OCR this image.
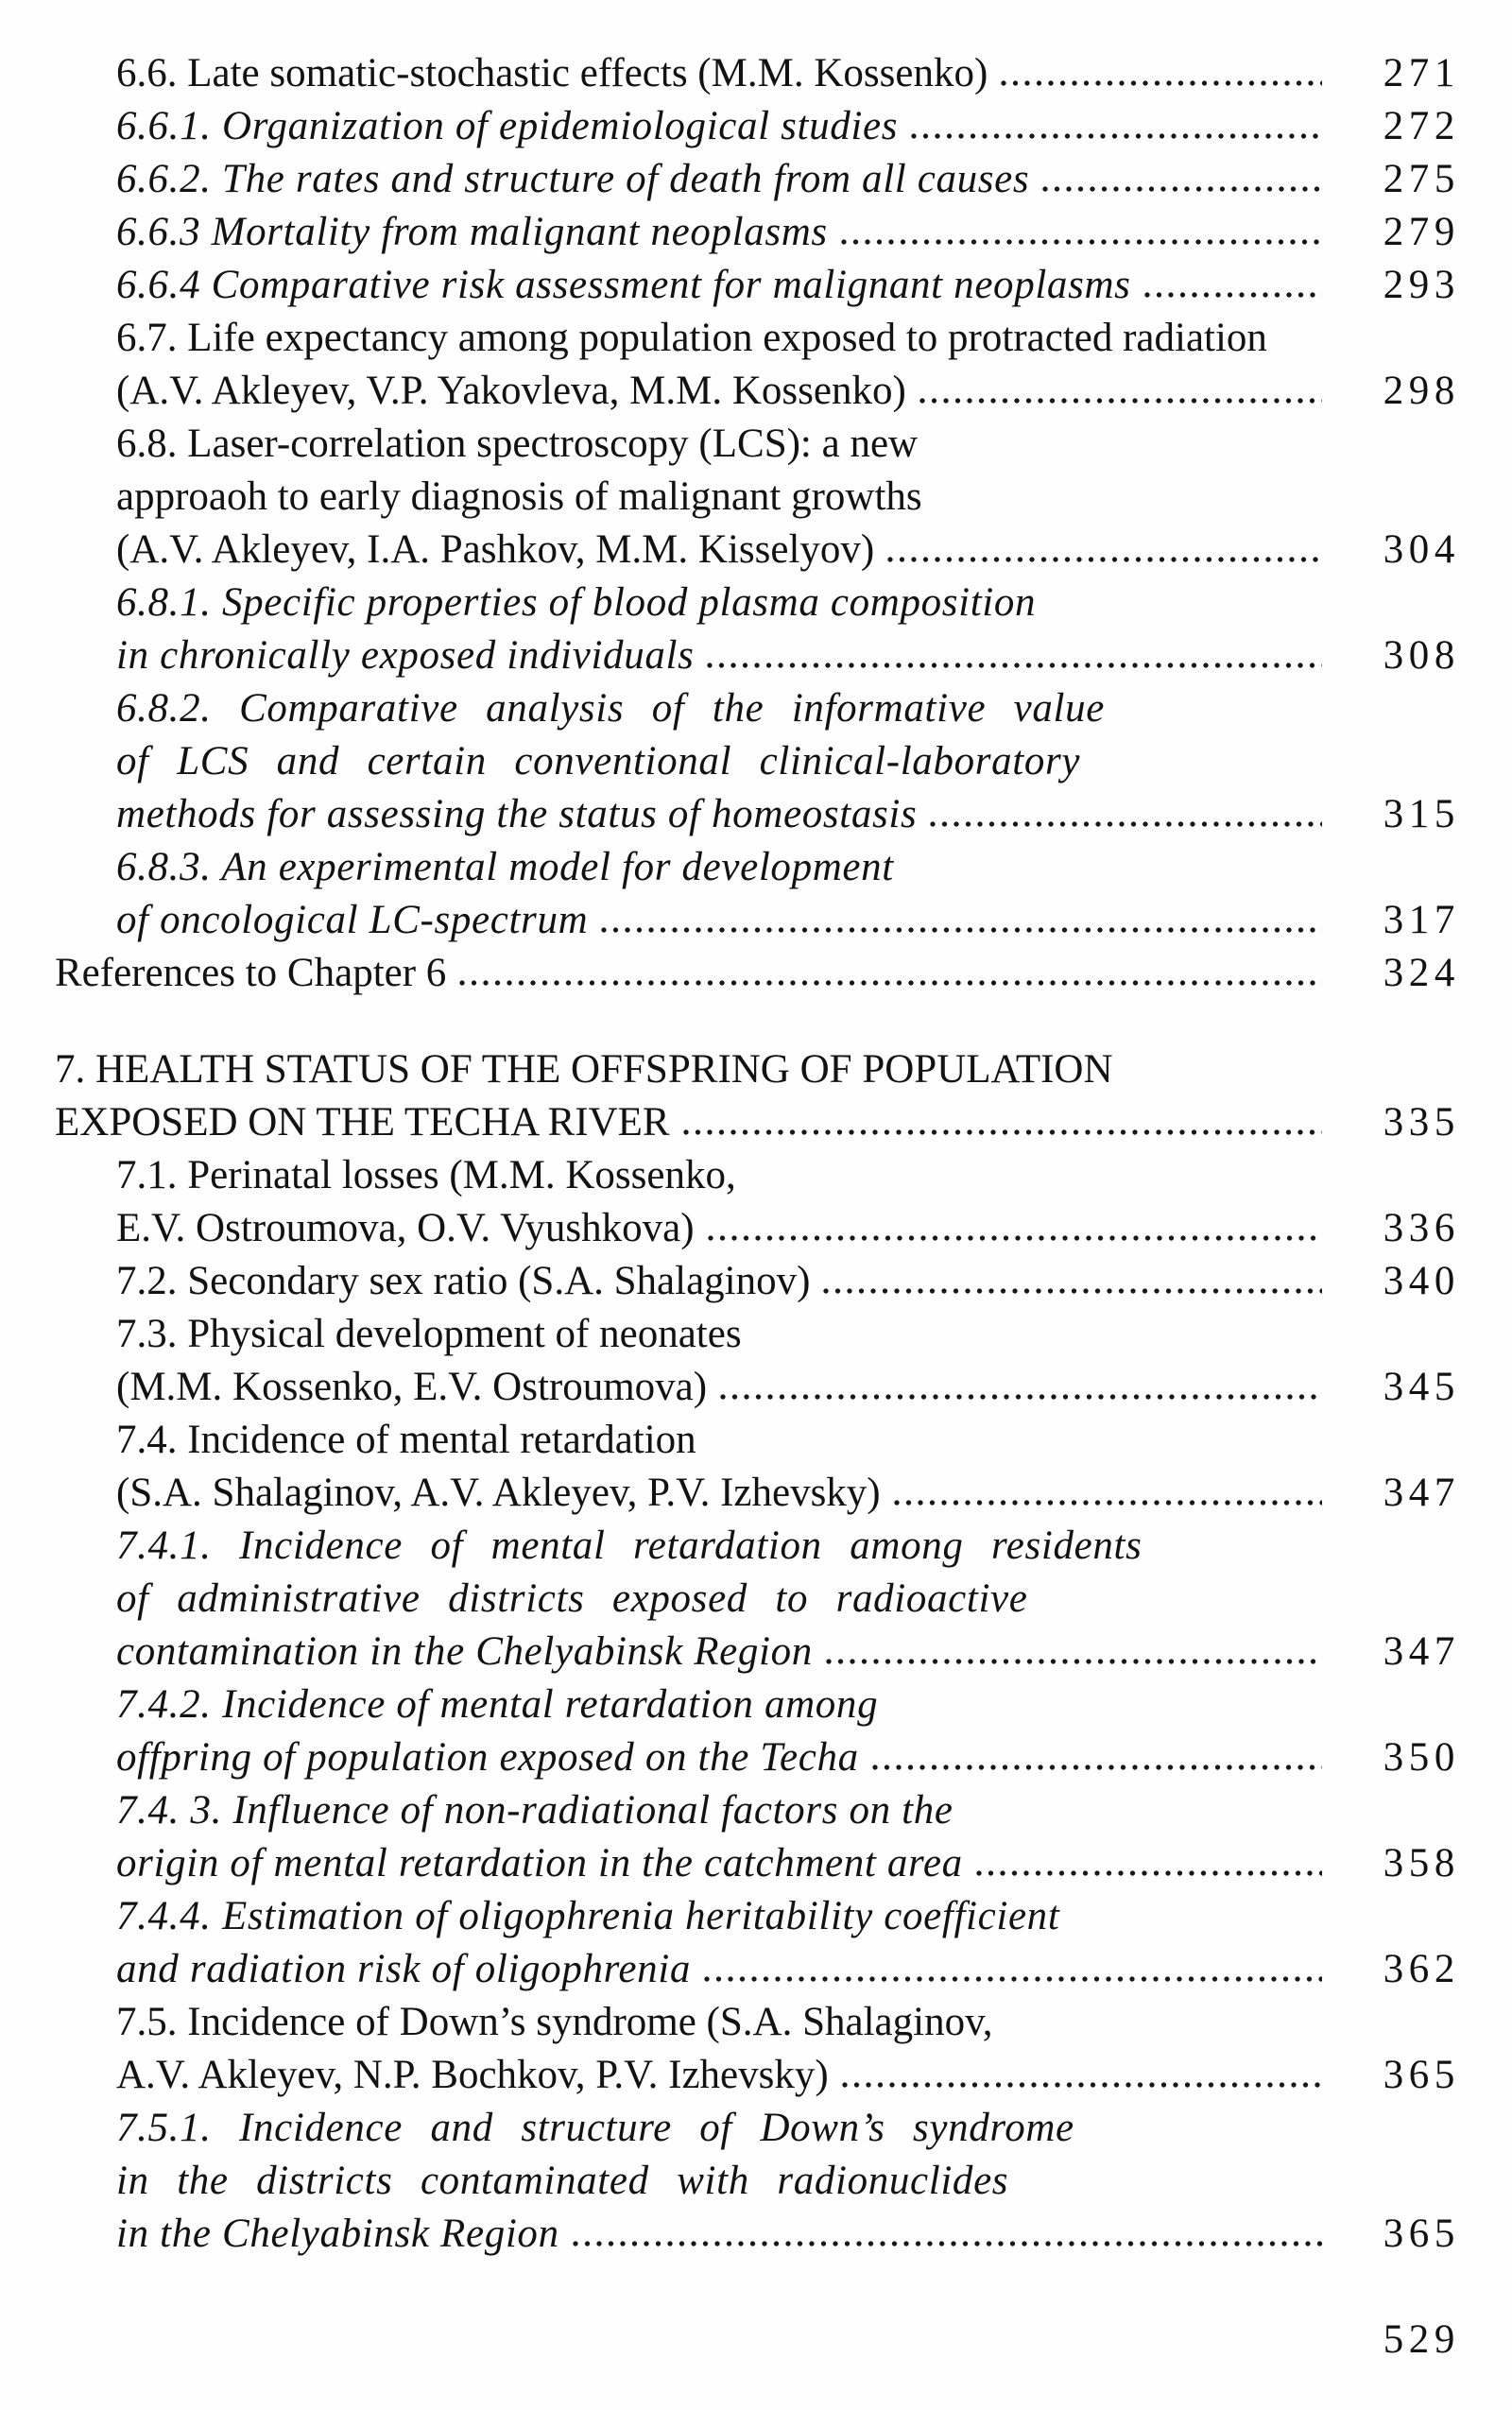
6.6. Late somatic-stochastic effects (M.M. Kossenko)	271
6.6.1. Organization of epidemiological studies	272
6.6.2. The rates and structure of death from all causes	275
6.6.3 Mortality from malignant neoplasms	279
6.6.4 Comparative risk assessment for malignant neoplasms	293
6.7. Life expectancy among population exposed to protracted radiation
(A.V. Akleyev, V.P. Yakovleva, M.M. Kossenko)	298
6.8. Laser-correlation spectroscopy (LCS): a new
approaoh to early diagnosis of malignant growths
(A.V. Akleyev, I.A. Pashkov, M.M. Kisselyov)	304
6.8.1. Specific properties of blood plasma composition
in chronically exposed individuals	308
6.8.2. Comparative analysis of the informative value
of LCS and certain conventional clinical-laboratory
methods for assessing the status of homeostasis	315
6.8.3. An experimental model for development
of oncological LC-spectrum	317
References to Chapter 6	324
7. HEALTH STATUS OF THE OFFSPRING OF POPULATION
EXPOSED ON THE TECHA RIVER	335
7.1. Perinatal losses (M.M. Kossenko,
E.V. Ostroumova, O.V. Vyushkova)	336
7.2. Secondary sex ratio (S.A. Shalaginov)	340
7.3. Physical development of neonates
(M.M. Kossenko, E.V. Ostroumova)	345
7.4. Incidence of mental retardation
(S.A. Shalaginov, A.V. Akleyev, P.V. Izhevsky)	347
7.4.1. Incidence of mental retardation among residents
of administrative districts exposed to radioactive
contamination in the Chelyabinsk Region	347
7.4.2. Incidence of mental retardation among
offpring of population exposed on the Techa	350
7.4. 3. Influence of non-radiational factors on the
origin of mental retardation in the catchment area	358
7.4.4. Estimation of oligophrenia heritability coefficient
and radiation risk of oligophrenia	362
7.5. Incidence of Down’s syndrome (S.A. Shalaginov,
A.V. Akleyev, N.P. Bochkov, P.V. Izhevsky)	365
7.5.1. Incidence and structure of Down’s syndrome
in the districts contaminated with radionuclides
in the Chelyabinsk Region	365
529
